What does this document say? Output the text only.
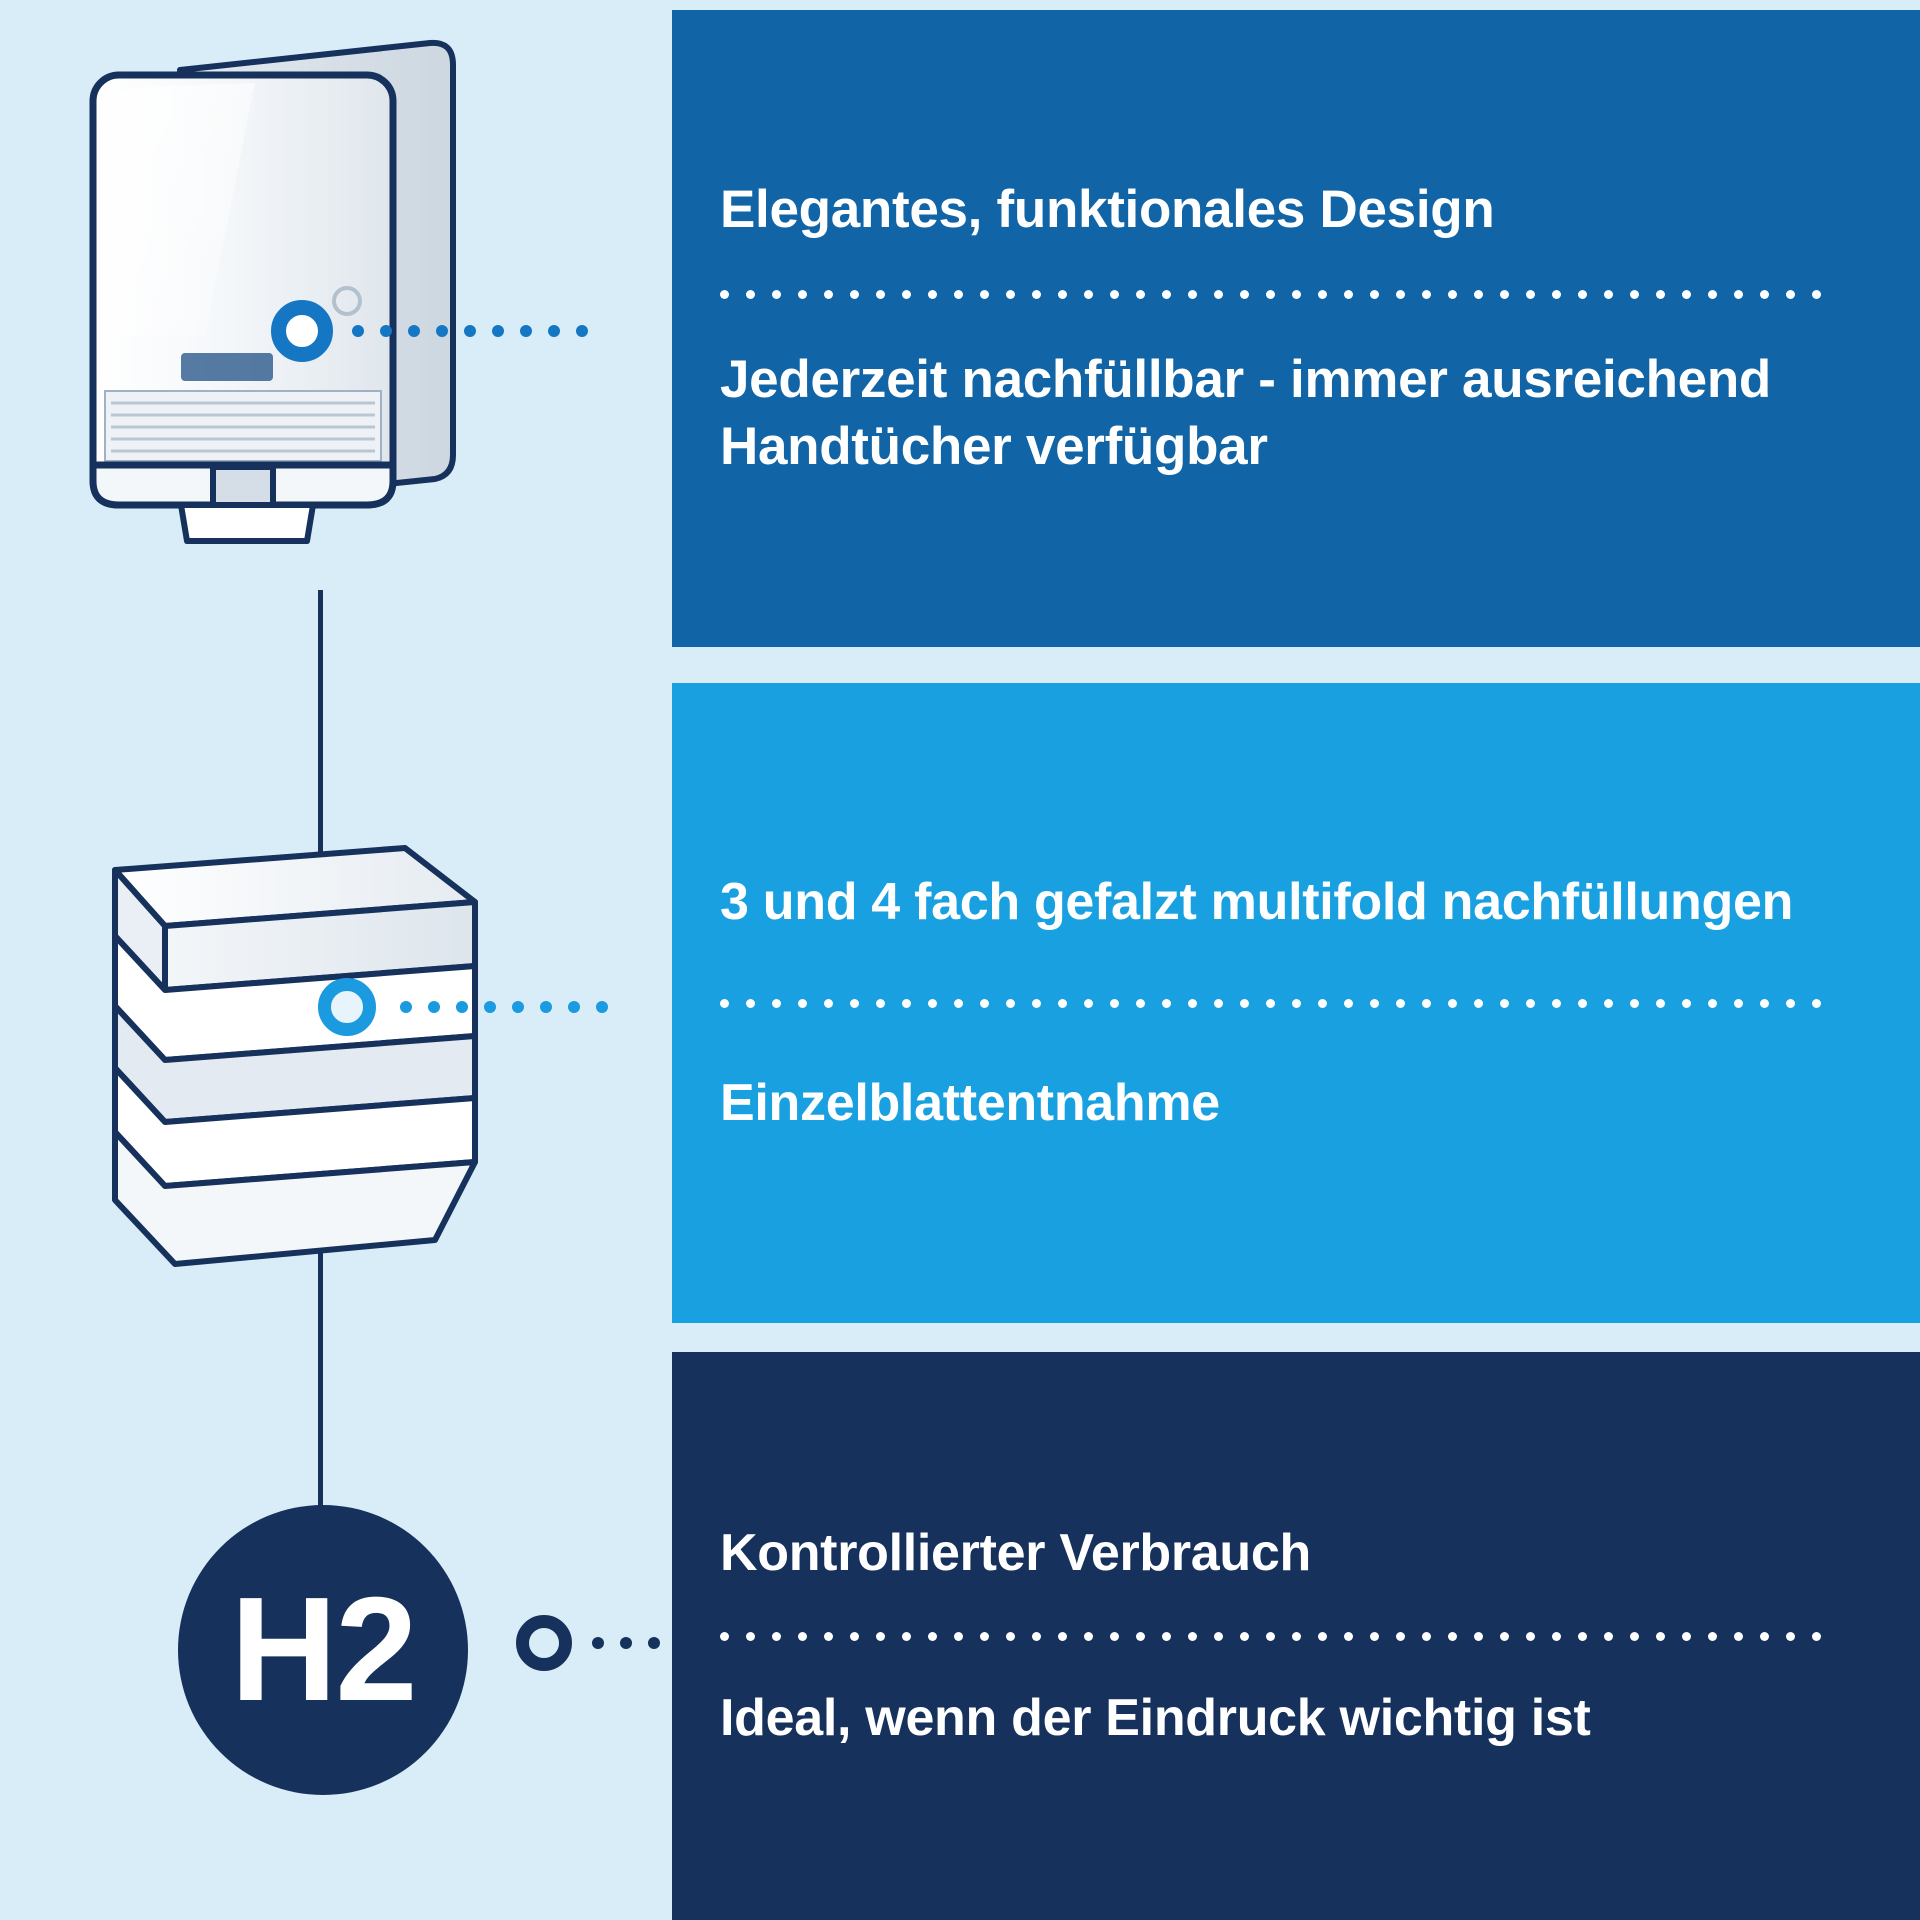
H2
Elegantes, funktionales Design
Jederzeit nachfüllbar - immer ausreichend Handtücher verfügbar
3 und 4 fach gefalzt multifold nachfüllungen
Einzelblattentnahme
Kontrollierter Verbrauch
Ideal, wenn der Eindruck wichtig ist
